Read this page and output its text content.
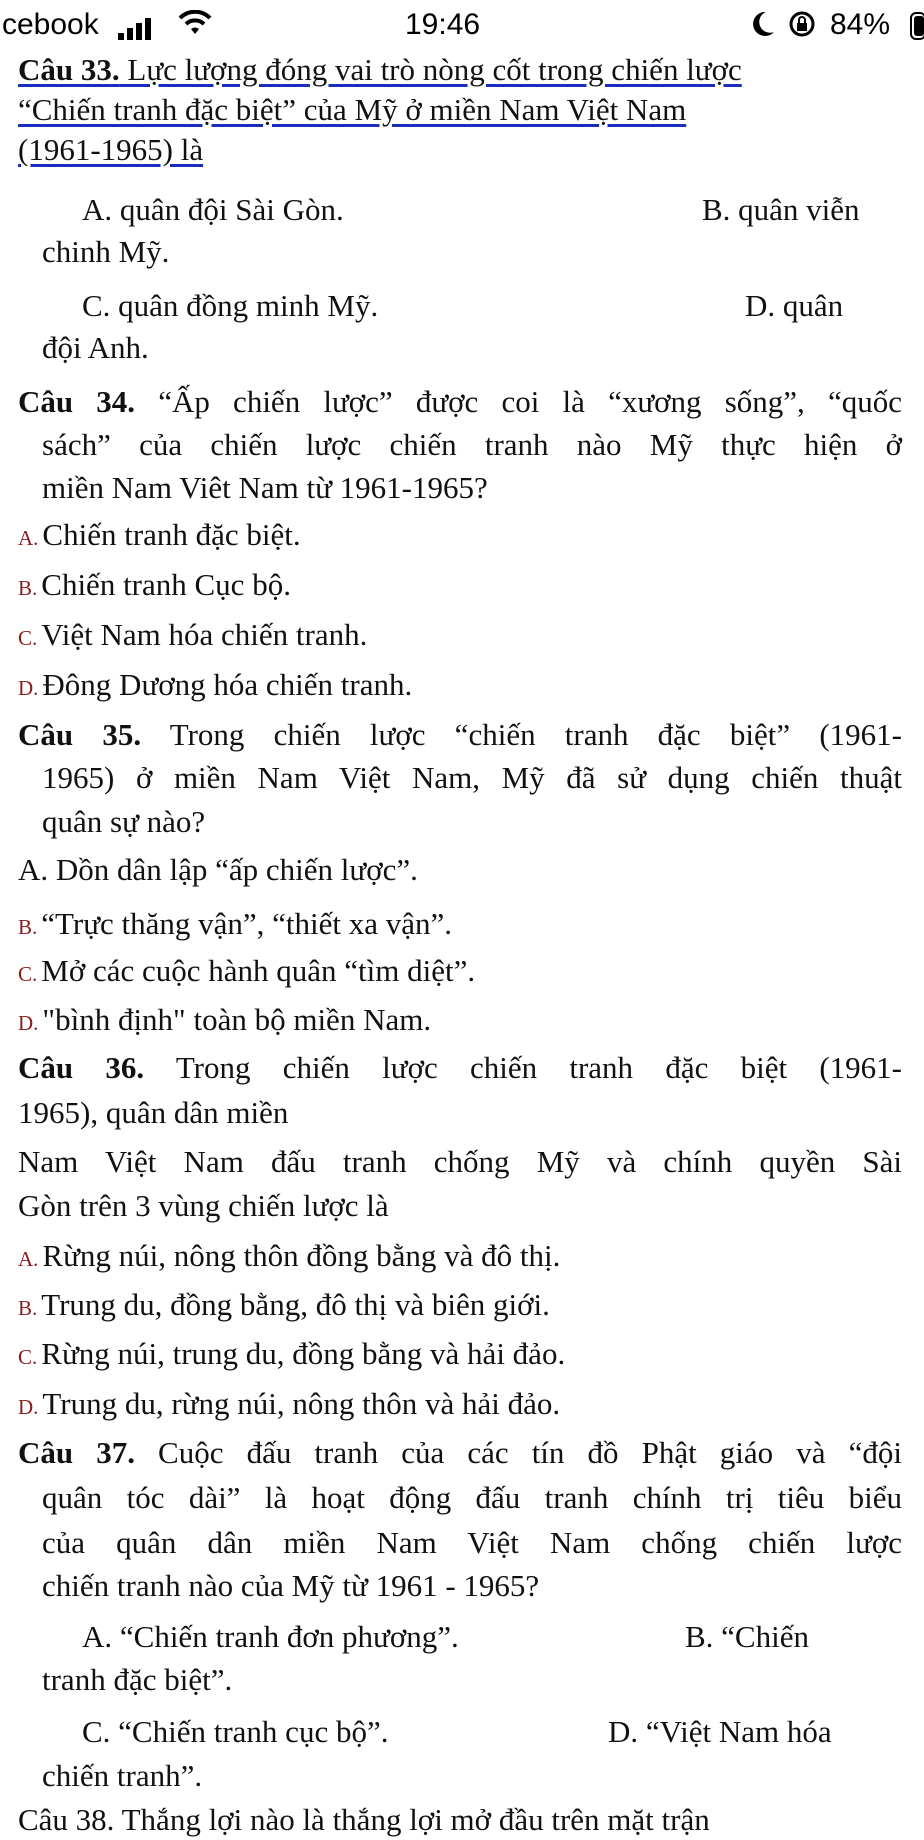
cebook	19:46	84%
Câu 33. Lực lượng đóng vai trò nòng cốt trong chiến lược
“Chiến tranh đặc biệt” của Mỹ ở miền Nam Việt Nam
(1961-1965) là
A. quân đội Sài Gòn.	B. quân viễn
chinh Mỹ.
C. quân đồng minh Mỹ.	D. quân
đội Anh.
Câu 34. “Ấp chiến lược” được coi là “xương sống”, “quốc
sách” của chiến lược chiến tranh nào Mỹ thực hiện ở
miền Nam Viêt Nam từ 1961-1965?
A. Chiến tranh đặc biệt.
B. Chiến tranh Cục bộ.
C. Việt Nam hóa chiến tranh.
D. Đông Dương hóa chiến tranh.
Câu 35. Trong chiến lược “chiến tranh đặc biệt” (1961-
1965) ở miền Nam Việt Nam, Mỹ đã sử dụng chiến thuật
quân sự nào?
A. Dồn dân lập “ấp chiến lược”.
B. “Trực thăng vận”, “thiết xa vận”.
C. Mở các cuộc hành quân “tìm diệt”.
D. "bình định" toàn bộ miền Nam.
Câu 36. Trong chiến lược chiến tranh đặc biệt (1961-
1965), quân dân miền
Nam Việt Nam đấu tranh chống Mỹ và chính quyền Sài
Gòn trên 3 vùng chiến lược là
A. Rừng núi, nông thôn đồng bằng và đô thị.
B. Trung du, đồng bằng, đô thị và biên giới.
C. Rừng núi, trung du, đồng bằng và hải đảo.
D. Trung du, rừng núi, nông thôn và hải đảo.
Câu 37. Cuộc đấu tranh của các tín đồ Phật giáo và “đội
quân tóc dài” là hoạt động đấu tranh chính trị tiêu biểu
của quân dân miền Nam Việt Nam chống chiến lược
chiến tranh nào của Mỹ từ 1961 - 1965?
A. “Chiến tranh đơn phương”.	B. “Chiến
tranh đặc biệt”.
C. “Chiến tranh cục bộ”.	D. “Việt Nam hóa
chiến tranh”.
Câu 38. Thắng lợi nào là thắng lợi mở đầu trên mặt trận
